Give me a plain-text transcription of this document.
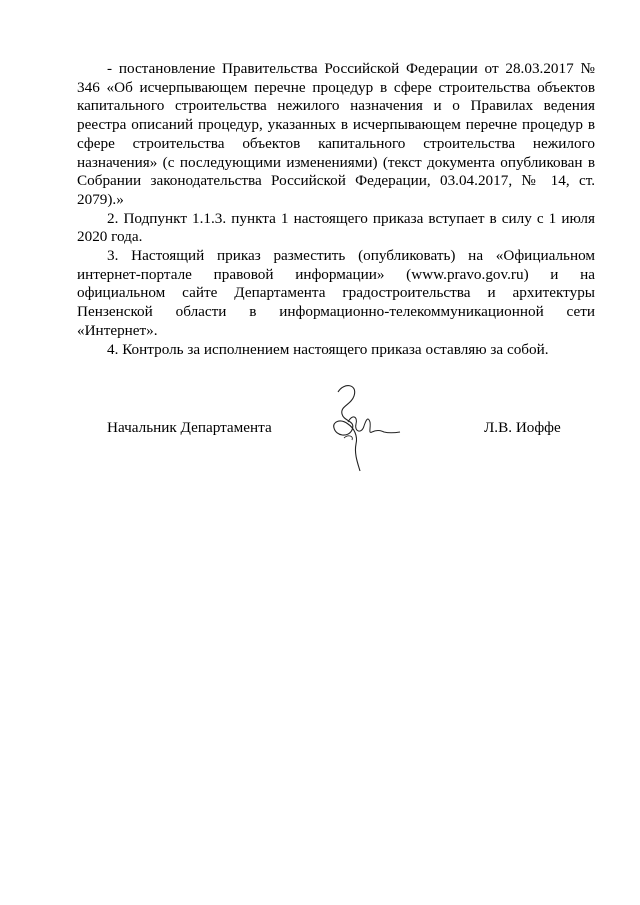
- постановление Правительства Российской Федерации от 28.03.2017 № 346 «Об исчерпывающем перечне процедур в сфере строительства объектов капитального строительства нежилого назначения и о Правилах ведения реестра описаний процедур, указанных в исчерпывающем перечне процедур в сфере строительства объектов капитального строительства нежилого назначения» (с последующими изменениями) (текст документа опубликован в Собрании законодательства Российской Федерации, 03.04.2017, № 14, ст. 2079).»

2. Подпункт 1.1.3. пункта 1 настоящего приказа вступает в силу с 1 июля 2020 года.

3. Настоящий приказ разместить (опубликовать) на «Официальном интернет-портале правовой информации» (www.pravo.gov.ru) и на официальном сайте Департамента градостроительства и архитектуры Пензенской области в информационно-телекоммуникационной сети «Интернет».

4. Контроль за исполнением настоящего приказа оставляю за собой.

Начальник Департамента	Л.В. Иоффе
